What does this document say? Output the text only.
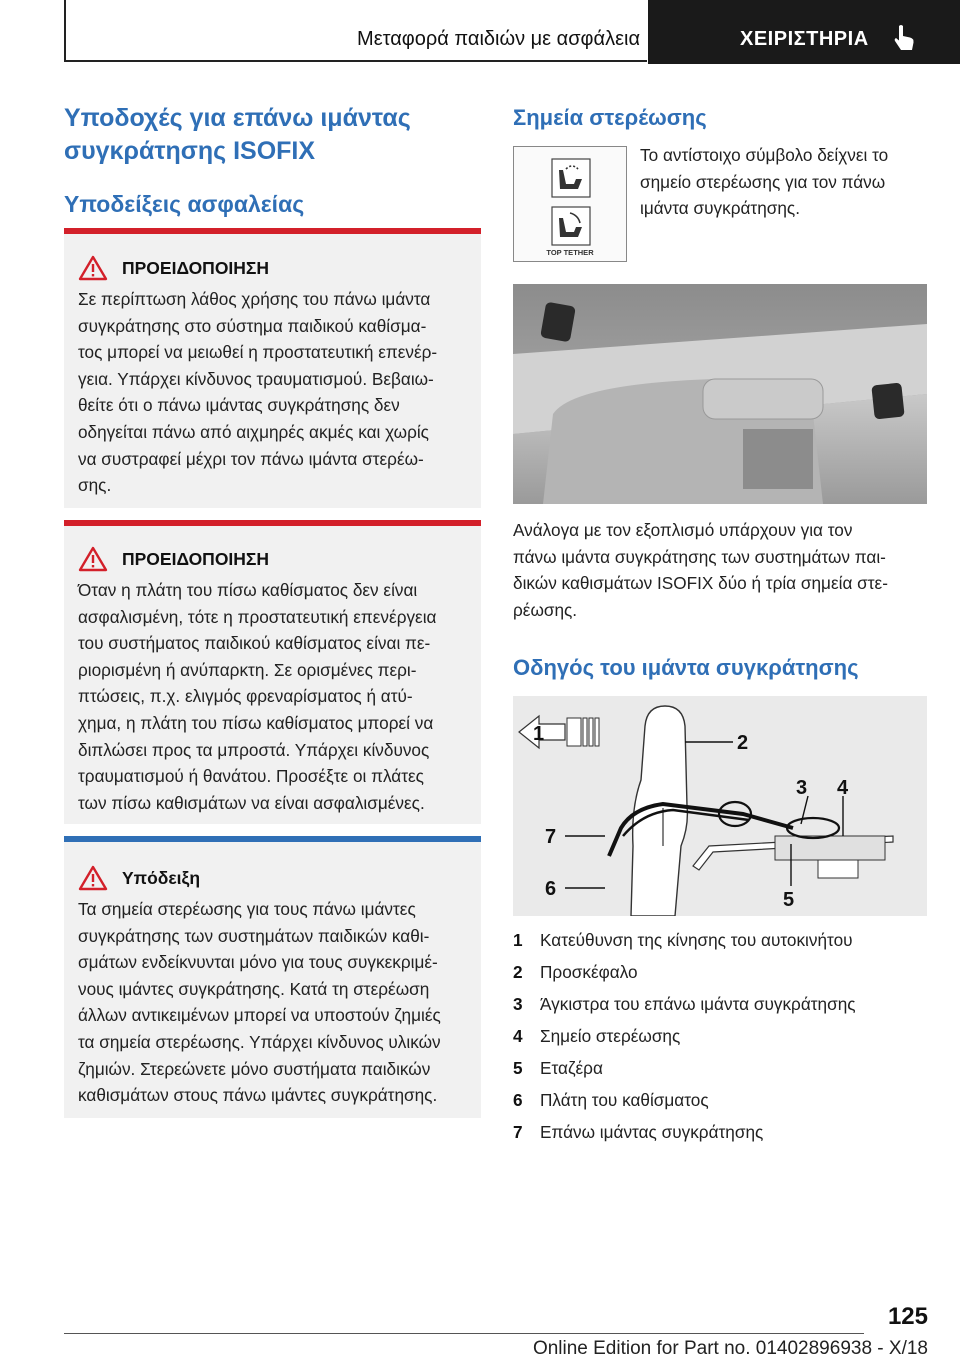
Μεταφορά παιδιών με ασφάλεια	ΧΕΙΡΙΣΤΗΡΙΑ
Υποδοχές για επάνω ιμάντας
συγκράτησης ISOFIX
Υποδείξεις ασφαλείας
ΠΡΟΕΙΔΟΠΟΙΗΣΗ
Σε περίπτωση λάθος χρήσης του πάνω ιμάντα
συγκράτησης στο σύστημα παιδικού καθίσμα-
τος μπορεί να μειωθεί η προστατευτική επενέρ-
γεια. Υπάρχει κίνδυνος τραυματισμού. Βεβαιω-
θείτε ότι ο πάνω ιμάντας συγκράτησης δεν
οδηγείται πάνω από αιχμηρές ακμές και χωρίς
να συστραφεί μέχρι τον πάνω ιμάντα στερέω-
σης.
ΠΡΟΕΙΔΟΠΟΙΗΣΗ
Όταν η πλάτη του πίσω καθίσματος δεν είναι
ασφαλισμένη, τότε η προστατευτική επενέργεια
του συστήματος παιδικού καθίσματος είναι πε-
ριορισμένη ή ανύπαρκτη. Σε ορισμένες περι-
πτώσεις, π.χ. ελιγμός φρεναρίσματος ή ατύ-
χημα, η πλάτη του πίσω καθίσματος μπορεί να
διπλώσει προς τα μπροστά. Υπάρχει κίνδυνος
τραυματισμού ή θανάτου. Προσέξτε οι πλάτες
των πίσω καθισμάτων να είναι ασφαλισμένες.
Υπόδειξη
Τα σημεία στερέωσης για τους πάνω ιμάντες
συγκράτησης των συστημάτων παιδικών καθι-
σμάτων ενδείκνυνται μόνο για τους συγκεκριμέ-
νους ιμάντες συγκράτησης. Κατά τη στερέωση
άλλων αντικειμένων μπορεί να υποστούν ζημιές
τα σημεία στερέωσης. Υπάρχει κίνδυνος υλικών
ζημιών. Στερεώνετε μόνο συστήματα παιδικών
καθισμάτων στους πάνω ιμάντες συγκράτησης.
Σημεία στερέωσης
TOP TETHER
Το αντίστοιχο σύμβολο δείχνει το
σημείο στερέωσης για τον πάνω
ιμάντα συγκράτησης.
Ανάλογα με τον εξοπλισμό υπάρχουν για τον
πάνω ιμάντα συγκράτησης των συστημάτων παι-
δικών καθισμάτων ISOFIX δύο ή τρία σημεία στε-
ρέωσης.
Οδηγός του ιμάντα συγκράτησης
1	2
3 4
5
6
7
1 Κατεύθυνση της κίνησης του αυτοκινήτου
2 Προσκέφαλο
3 Άγκιστρα του επάνω ιμάντα συγκράτησης
4 Σημείο στερέωσης
5 Εταζέρα
6 Πλάτη του καθίσματος
7 Επάνω ιμάντας συγκράτησης
125
Online Edition for Part no. 01402896938 - X/18
